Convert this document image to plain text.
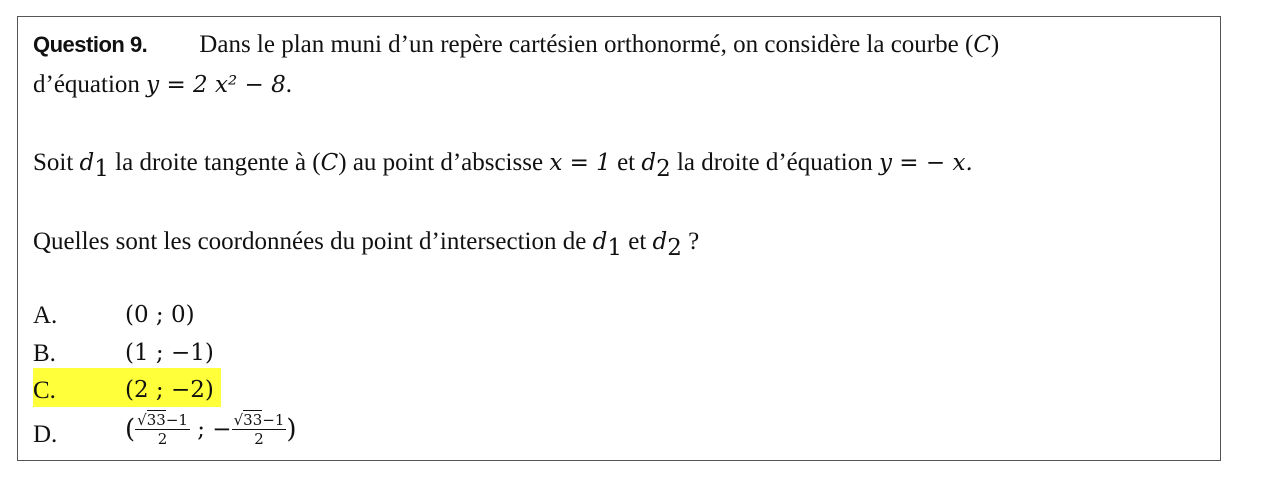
Question 9. Dans le plan muni d’un repère cartésien orthonormé, on considère la courbe (C)
d’équation y = 2 x² − 8.
Soit $d_1$ la droite tangente à (C) au point d’abscisse x = 1 et $d_2$ la droite d’équation y = − x.
Quelles sont les coordonnées du point d’intersection de $d_1$ et $d_2$ ?
A.	(0 ; 0)
B.	(1 ; −1)
C.	(2 ; −2)
D.	( $\frac{√33-1}{2}$ ; − $\frac{√33-1}{2}$ )
